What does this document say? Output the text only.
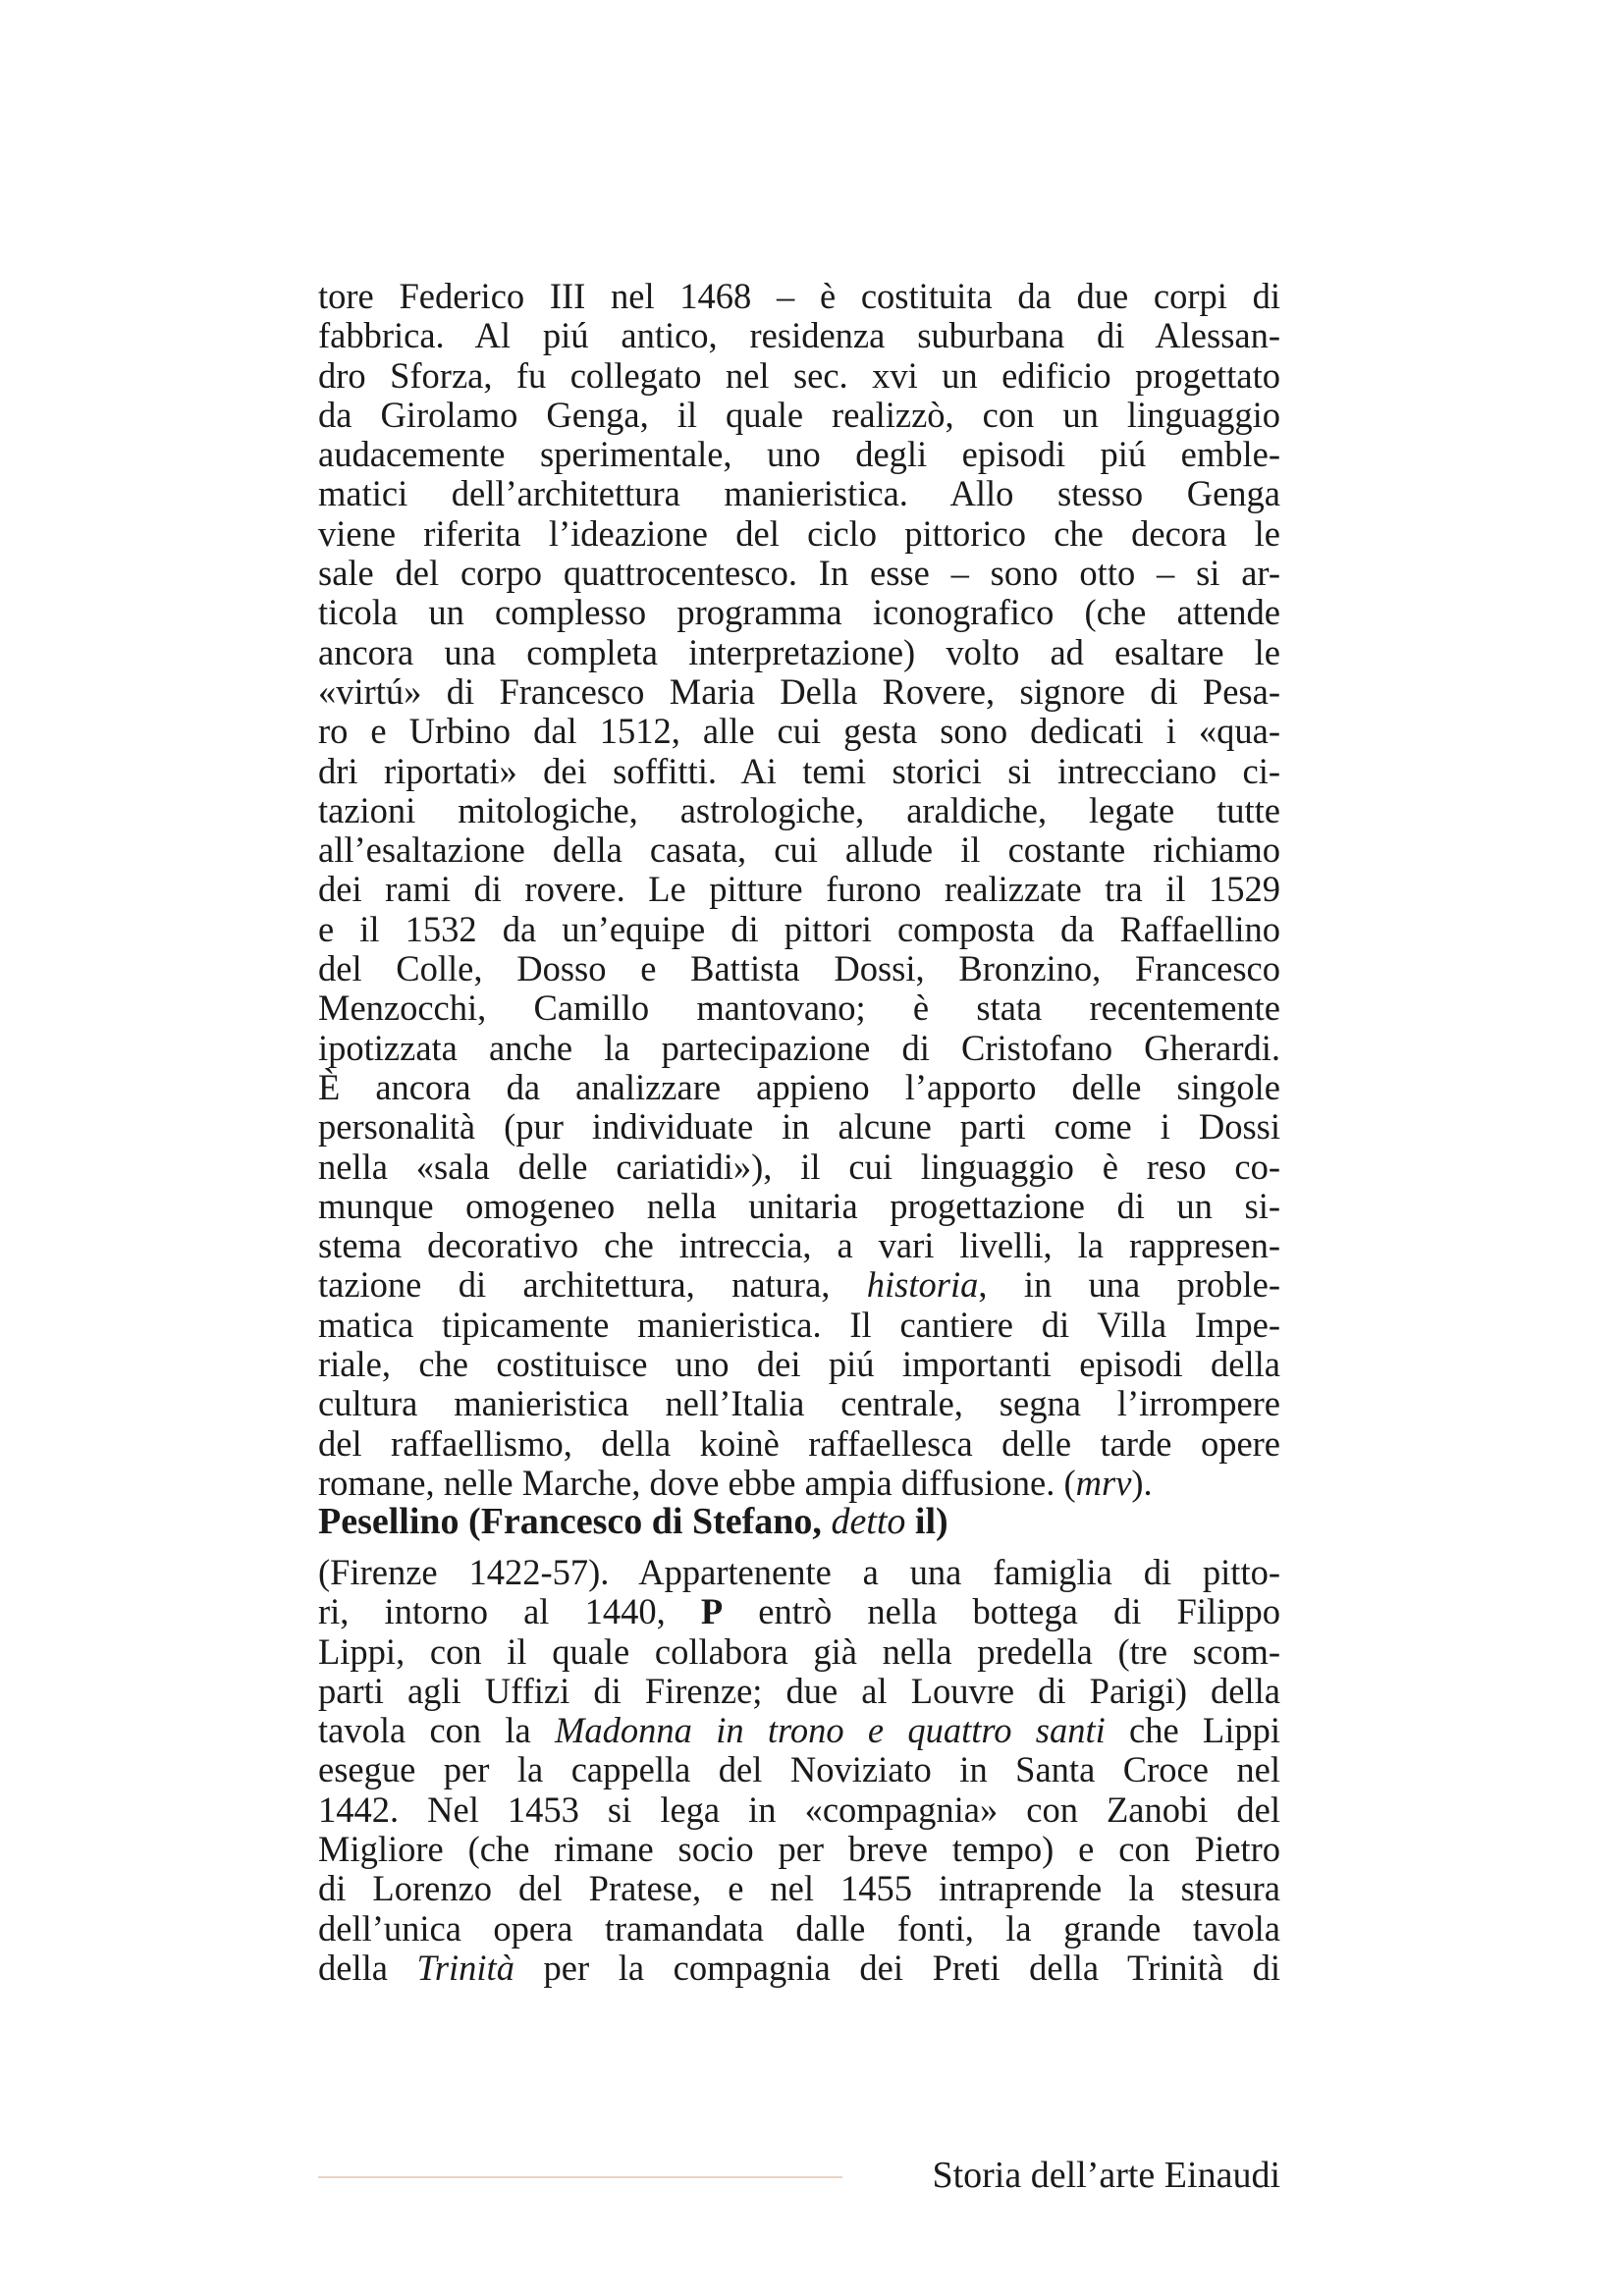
tore Federico III nel 1468 – è costituita da due corpi di
fabbrica. Al piú antico, residenza suburbana di Alessan-
dro Sforza, fu collegato nel sec. xvi un edificio progettato
da Girolamo Genga, il quale realizzò, con un linguaggio
audacemente sperimentale, uno degli episodi piú emble-
matici dell’architettura manieristica. Allo stesso Genga
viene riferita l’ideazione del ciclo pittorico che decora le
sale del corpo quattrocentesco. In esse – sono otto – si ar-
ticola un complesso programma iconografico (che attende
ancora una completa interpretazione) volto ad esaltare le
«virtú» di Francesco Maria Della Rovere, signore di Pesa-
ro e Urbino dal 1512, alle cui gesta sono dedicati i «qua-
dri riportati» dei soffitti. Ai temi storici si intrecciano ci-
tazioni mitologiche, astrologiche, araldiche, legate tutte
all’esaltazione della casata, cui allude il costante richiamo
dei rami di rovere. Le pitture furono realizzate tra il 1529
e il 1532 da un’equipe di pittori composta da Raffaellino
del Colle, Dosso e Battista Dossi, Bronzino, Francesco
Menzocchi, Camillo mantovano; è stata recentemente
ipotizzata anche la partecipazione di Cristofano Gherardi.
È ancora da analizzare appieno l’apporto delle singole
personalità (pur individuate in alcune parti come i Dossi
nella «sala delle cariatidi»), il cui linguaggio è reso co-
munque omogeneo nella unitaria progettazione di un si-
stema decorativo che intreccia, a vari livelli, la rappresen-
tazione di architettura, natura, historia, in una proble-
matica tipicamente manieristica. Il cantiere di Villa Impe-
riale, che costituisce uno dei piú importanti episodi della
cultura manieristica nell’Italia centrale, segna l’irrompere
del raffaellismo, della koinè raffaellesca delle tarde opere
romane, nelle Marche, dove ebbe ampia diffusione. (mrv).
Pesellino (Francesco di Stefano, detto il)
(Firenze 1422-57). Appartenente a una famiglia di pitto-
ri, intorno al 1440, P entrò nella bottega di Filippo
Lippi, con il quale collabora già nella predella (tre scom-
parti agli Uffizi di Firenze; due al Louvre di Parigi) della
tavola con la Madonna in trono e quattro santi che Lippi
esegue per la cappella del Noviziato in Santa Croce nel
1442. Nel 1453 si lega in «compagnia» con Zanobi del
Migliore (che rimane socio per breve tempo) e con Pietro
di Lorenzo del Pratese, e nel 1455 intraprende la stesura
dell’unica opera tramandata dalle fonti, la grande tavola
della Trinità per la compagnia dei Preti della Trinità di
Storia dell’arte Einaudi
